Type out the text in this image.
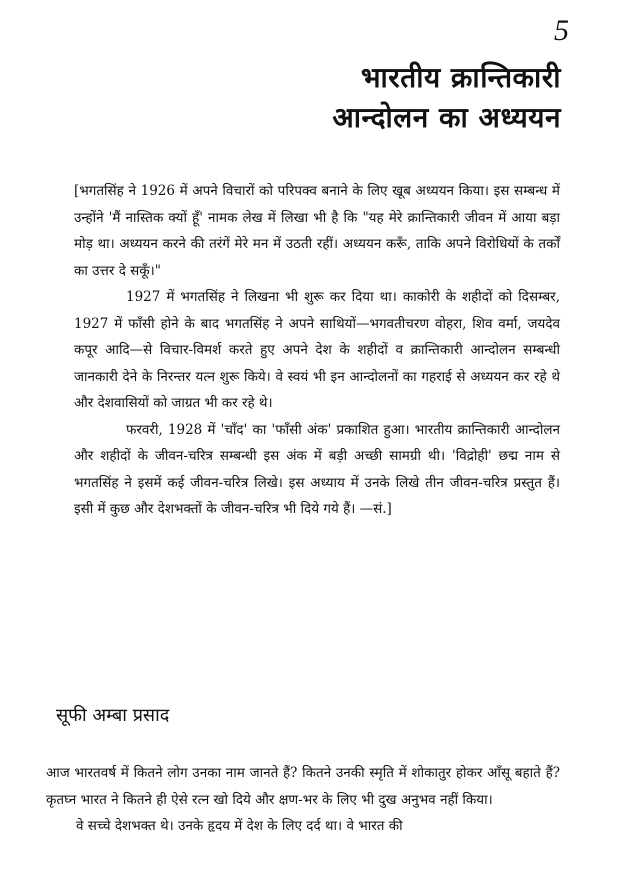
5
भारतीय क्रान्तिकारी
आन्दोलन का अध्ययन

[भगतसिंह ने 1926 में अपने विचारों को परिपक्व बनाने के लिए खूब अध्ययन किया। इस सम्बन्ध में उन्होंने 'मैं नास्तिक क्यों हूँ' नामक लेख में लिखा भी है कि "यह मेरे क्रान्तिकारी जीवन में आया बड़ा मोड़ था। अध्ययन करने की तरंगें मेरे मन में उठती रहीं। अध्ययन करूँ, ताकि अपने विरोधियों के तर्कों का उत्तर दे सकूँ।"

1927 में भगतसिंह ने लिखना भी शुरू कर दिया था। काकोरी के शहीदों को दिसम्बर, 1927 में फाँसी होने के बाद भगतसिंह ने अपने साथियों—भगवतीचरण वोहरा, शिव वर्मा, जयदेव कपूर आदि—से विचार-विमर्श करते हुए अपने देश के शहीदों व क्रान्तिकारी आन्दोलन सम्बन्धी जानकारी देने के निरन्तर यत्न शुरू किये। वे स्वयं भी इन आन्दोलनों का गहराई से अध्ययन कर रहे थे और देशवासियों को जाग्रत भी कर रहे थे।

फरवरी, 1928 में 'चाँद' का 'फाँसी अंक' प्रकाशित हुआ। भारतीय क्रान्तिकारी आन्दोलन और शहीदों के जीवन-चरित्र सम्बन्धी इस अंक में बड़ी अच्छी सामग्री थी। 'विद्रोही' छद्म नाम से भगतसिंह ने इसमें कई जीवन-चरित्र लिखे। इस अध्याय में उनके लिखे तीन जीवन-चरित्र प्रस्तुत हैं। इसी में कुछ और देशभक्तों के जीवन-चरित्र भी दिये गये हैं। —सं.]

सूफी अम्बा प्रसाद

आज भारतवर्ष में कितने लोग उनका नाम जानते हैं? कितने उनकी स्मृति में शोकातुर होकर आँसू बहाते हैं? कृतघ्न भारत ने कितने ही ऐसे रत्न खो दिये और क्षण-भर के लिए भी दुख अनुभव नहीं किया।

वे सच्चे देशभक्त थे। उनके हृदय में देश के लिए दर्द था। वे भारत की
